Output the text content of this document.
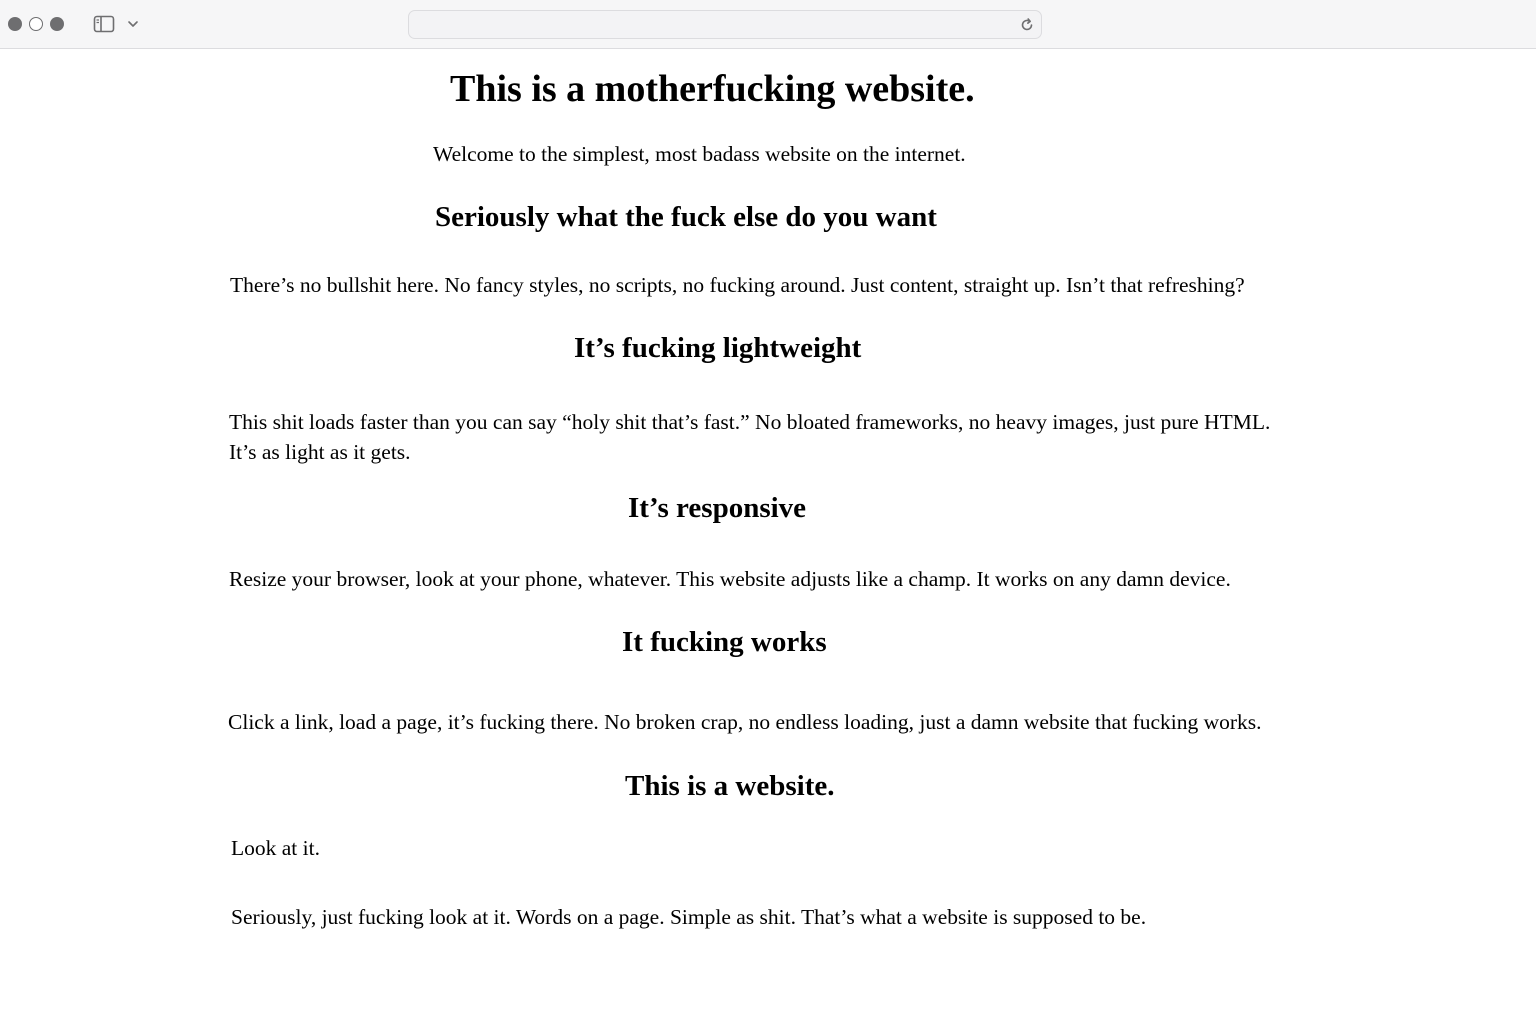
This is a motherfucking website.

Welcome to the simplest, most badass website on the internet.

Seriously what the fuck else do you want

There’s no bullshit here. No fancy styles, no scripts, no fucking around. Just content, straight up. Isn’t that refreshing?

It’s fucking lightweight

This shit loads faster than you can say “holy shit that’s fast.” No bloated frameworks, no heavy images, just pure HTML.

It’s as light as it gets.

It’s responsive

Resize your browser, look at your phone, whatever. This website adjusts like a champ. It works on any damn device.

It fucking works

Click a link, load a page, it’s fucking there. No broken crap, no endless loading, just a damn website that fucking works.

This is a website.

Look at it.

Seriously, just fucking look at it. Words on a page. Simple as shit. That’s what a website is supposed to be.
